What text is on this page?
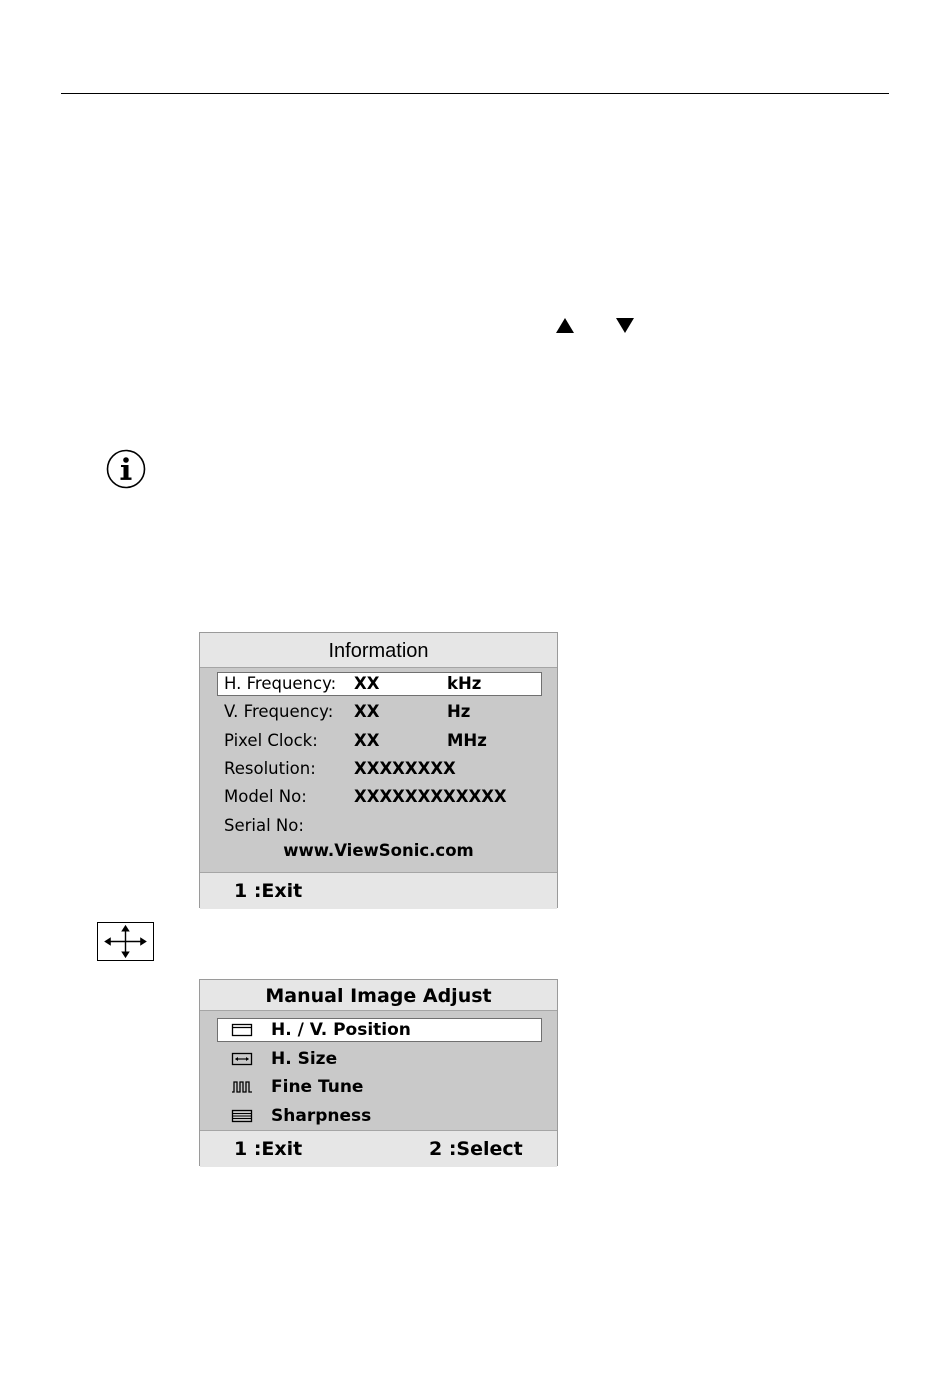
Information
H. Frequency: XX	kHz
V. Frequency: XX	Hz
Pixel Clock: XX	MHz
Resolution: XXXXXXXX
Model No:	XXXXXXXXXXXX
Serial No:
www.ViewSonic.com
1 :Exit
Manual Image Adjust
H. / V. Position
H. Size
Fine Tune
Sharpness
1 :Exit	2 :Select
